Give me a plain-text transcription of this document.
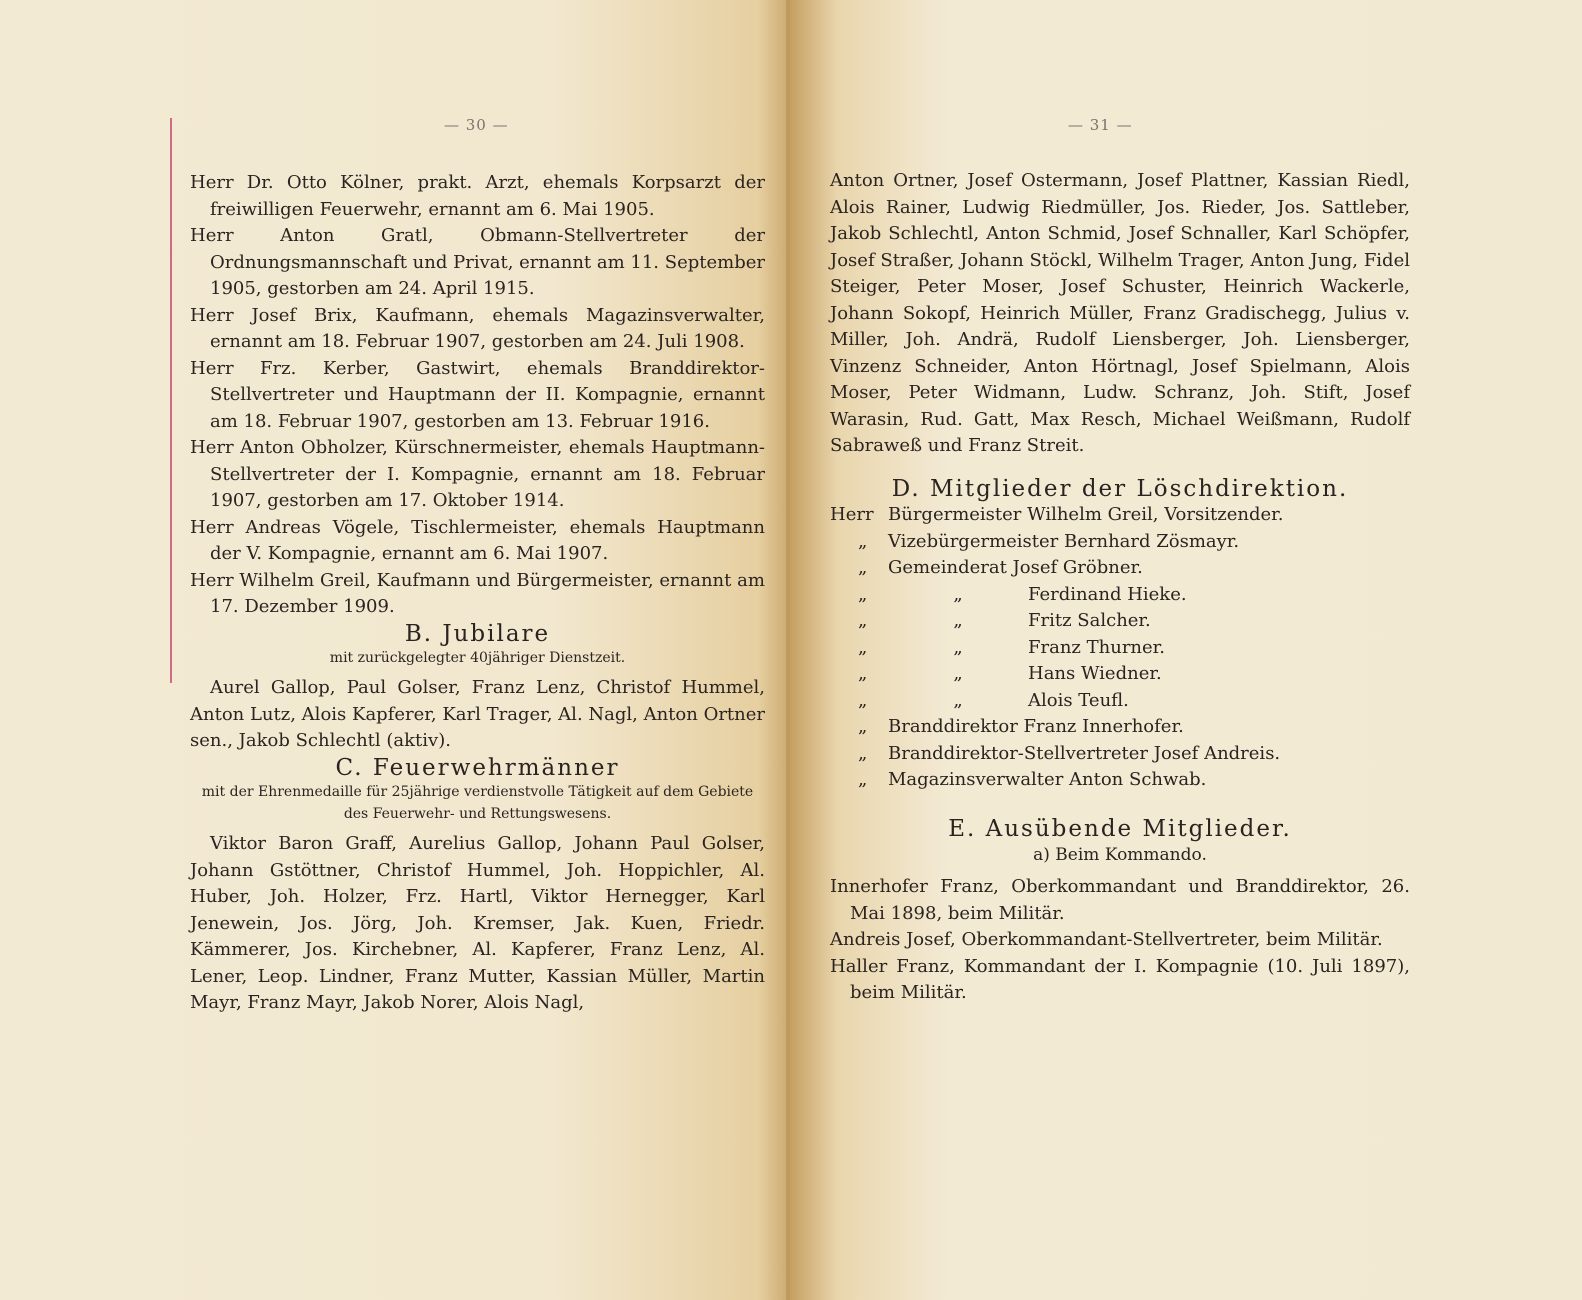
— 30 —

Herr Dr. Otto Kölner, prakt. Arzt, ehemals Korpsarzt der freiwilligen Feuerwehr, ernannt am 6. Mai 1905.

Herr Anton Gratl, Obmann-Stellvertreter der Ordnungsmannschaft und Privat, ernannt am 11. September 1905, gestorben am 24. April 1915.

Herr Josef Brix, Kaufmann, ehemals Magazinsverwalter, ernannt am 18. Februar 1907, gestorben am 24. Juli 1908.

Herr Frz. Kerber, Gastwirt, ehemals Branddirektor-Stellvertreter und Hauptmann der II. Kompagnie, ernannt am 18. Februar 1907, gestorben am 13. Februar 1916.

Herr Anton Obholzer, Kürschnermeister, ehemals Hauptmann-Stellvertreter der I. Kompagnie, ernannt am 18. Februar 1907, gestorben am 17. Oktober 1914.

Herr Andreas Vögele, Tischlermeister, ehemals Hauptmann der V. Kompagnie, ernannt am 6. Mai 1907.

Herr Wilhelm Greil, Kaufmann und Bürgermeister, ernannt am 17. Dezember 1909.

B. Jubilare

mit zurückgelegter 40jähriger Dienstzeit.

Aurel Gallop, Paul Golser, Franz Lenz, Christof Hummel, Anton Lutz, Alois Kapferer, Karl Trager, Al. Nagl, Anton Ortner sen., Jakob Schlechtl (aktiv).

C. Feuerwehrmänner

mit der Ehrenmedaille für 25jährige verdienstvolle Tätigkeit auf dem Gebiete des Feuerwehr- und Rettungswesens.

Viktor Baron Graff, Aurelius Gallop, Johann Paul Golser, Johann Gstöttner, Christof Hummel, Joh. Hoppichler, Al. Huber, Joh. Holzer, Frz. Hartl, Viktor Hernegger, Karl Jenewein, Jos. Jörg, Joh. Kremser, Jak. Kuen, Friedr. Kämmerer, Jos. Kirchebner, Al. Kapferer, Franz Lenz, Al. Lener, Leop. Lindner, Franz Mutter, Kassian Müller, Martin Mayr, Franz Mayr, Jakob Norer, Alois Nagl,

— 31 —

Anton Ortner, Josef Ostermann, Josef Plattner, Kassian Riedl, Alois Rainer, Ludwig Riedmüller, Jos. Rieder, Jos. Sattleber, Jakob Schlechtl, Anton Schmid, Josef Schnaller, Karl Schöpfer, Josef Straßer, Johann Stöckl, Wilhelm Trager, Anton Jung, Fidel Steiger, Peter Moser, Josef Schuster, Heinrich Wackerle, Johann Sokopf, Heinrich Müller, Franz Gradischegg, Julius v. Miller, Joh. Andrä, Rudolf Liensberger, Joh. Liensberger, Vinzenz Schneider, Anton Hörtnagl, Josef Spielmann, Alois Moser, Peter Widmann, Ludw. Schranz, Joh. Stift, Josef Warasin, Rud. Gatt, Max Resch, Michael Weißmann, Rudolf Sabraweß und Franz Streit.

D. Mitglieder der Löschdirektion.

Herr Bürgermeister Wilhelm Greil, Vorsitzender.
„	Vizebürgermeister Bernhard Zösmayr.
„	Gemeinderat Josef Gröbner.
„	„	Ferdinand Hieke.
„	„	Fritz Salcher.
„	„	Franz Thurner.
„	„	Hans Wiedner.
„	„	Alois Teufl.
„	Branddirektor Franz Innerhofer.
„	Branddirektor-Stellvertreter Josef Andreis.
„	Magazinsverwalter Anton Schwab.

E. Ausübende Mitglieder.

a) Beim Kommando.

Innerhofer Franz, Oberkommandant und Branddirektor, 26. Mai 1898, beim Militär.

Andreis Josef, Oberkommandant-Stellvertreter, beim Militär.

Haller Franz, Kommandant der I. Kompagnie (10. Juli 1897), beim Militär.
